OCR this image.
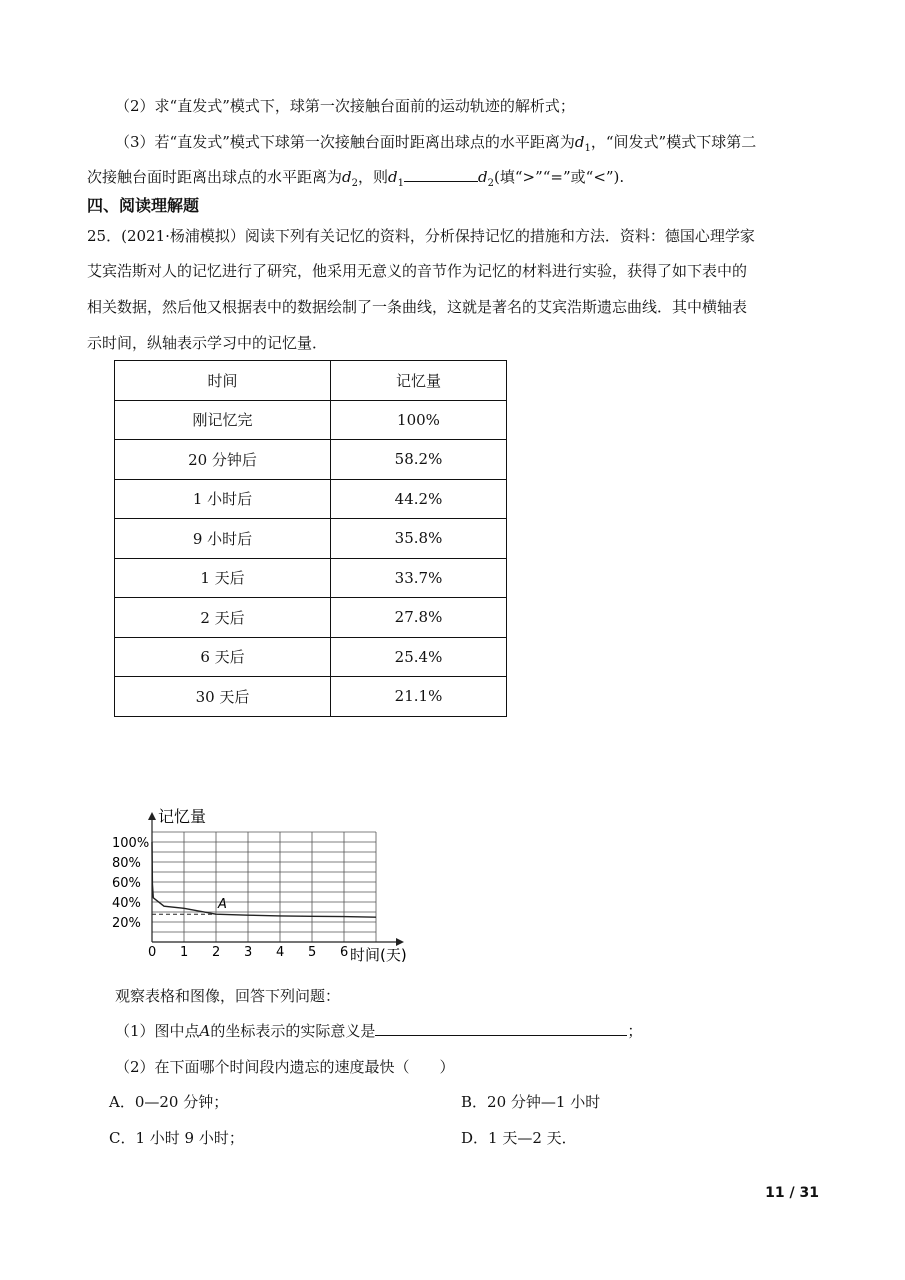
（2）求“直发式”模式下，球第一次接触台面前的运动轨迹的解析式；
（3）若“直发式”模式下球第一次接触台面时距离出球点的水平距离为$d_1$，“间发式”模式下球第二
次接触台面时距离出球点的水平距离为$d_2$，则$d_1$	$d_2$(填“>”“=”或“<”).
四、阅读理解题
25．(2021·杨浦模拟）阅读下列有关记忆的资料，分析保持记忆的措施和方法．资料：德国心理学家
艾宾浩斯对人的记忆进行了研究，他采用无意义的音节作为记忆的材料进行实验，获得了如下表中的
相关数据，然后他又根据表中的数据绘制了一条曲线，这就是著名的艾宾浩斯遗忘曲线．其中横轴表
示时间，纵轴表示学习中的记忆量．
时间	记忆量
刚记忆完	100%
20 分钟后	58.2%
1 小时后	44.2%
9 小时后	35.8%
1 天后	33.7%
2 天后	27.8%
6 天后	25.4%
30 天后	21.1%
记忆量
时间(天)
0 1 2 3 4 5 6
20%
40%
60%
80%
100%
A
观察表格和图像，回答下列问题：
（1）图中点A的坐标表示的实际意义是	；
（2）在下面哪个时间段内遗忘的速度最快（　　）
A．0—20 分钟；	B．20 分钟—1 小时
C．1 小时 9 小时；	D．1 天—2 天．
11 / 31
